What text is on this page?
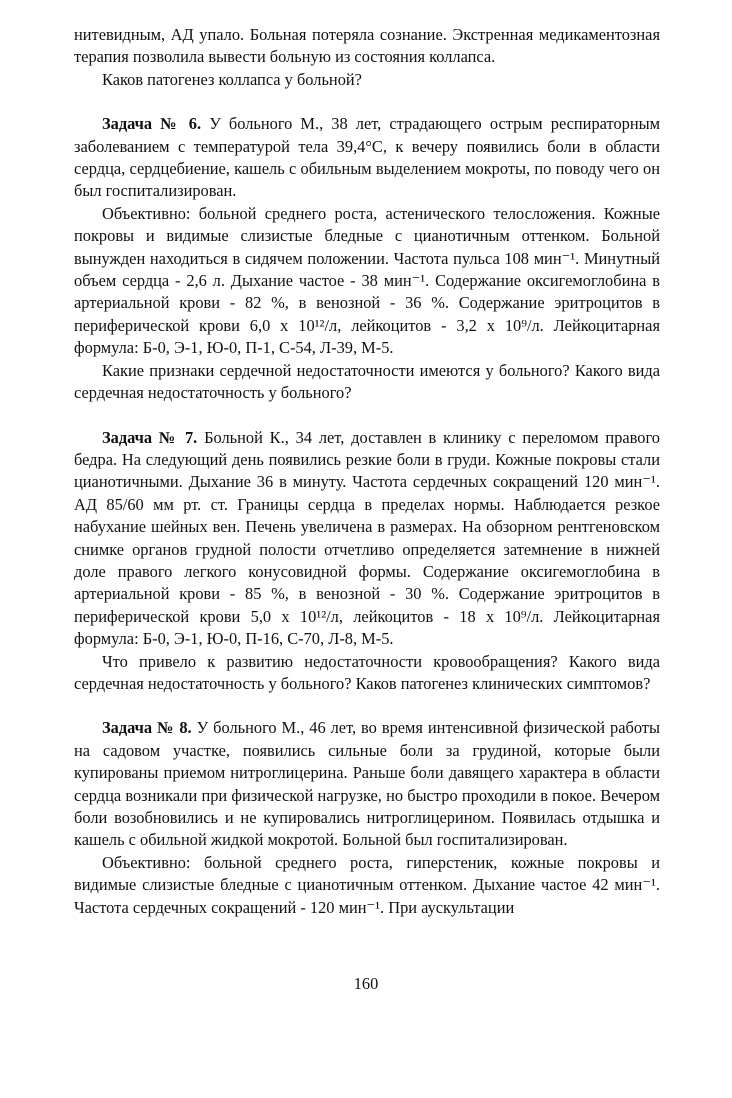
нитевидным, АД упало. Больная потеряла сознание. Экстренная медикаментозная терапия позволила вывести больную из состояния коллапса.

Каков патогенез коллапса у больной?

Задача № 6. У больного М., 38 лет, страдающего острым респираторным заболеванием с температурой тела 39,4°С, к вечеру появились боли в области сердца, сердцебиение, кашель с обильным выделением мокроты, по поводу чего он был госпитализирован.

Объективно: больной среднего роста, астенического телосложения. Кожные покровы и видимые слизистые бледные с цианотичным оттенком. Больной вынужден находиться в сидячем положении. Частота пульса 108 мин⁻¹. Минутный объем сердца - 2,6 л. Дыхание частое - 38 мин⁻¹. Содержание оксигемоглобина в артериальной крови - 82 %, в венозной - 36 %. Содержание эритроцитов в периферической крови 6,0 х 10¹²/л, лейкоцитов - 3,2 х 10⁹/л. Лейкоцитарная формула: Б-0, Э-1, Ю-0, П-1, С-54, Л-39, М-5.

Какие признаки сердечной недостаточности имеются у больного? Какого вида сердечная недостаточность у больного?

Задача № 7. Больной К., 34 лет, доставлен в клинику с переломом правого бедра. На следующий день появились резкие боли в груди. Кожные покровы стали цианотичными. Дыхание 36 в минуту. Частота сердечных сокращений 120 мин⁻¹. АД 85/60 мм рт. ст. Границы сердца в пределах нормы. Наблюдается резкое набухание шейных вен. Печень увеличена в размерах. На обзорном рентгеновском снимке органов грудной полости отчетливо определяется затемнение в нижней доле правого легкого конусовидной формы. Содержание оксигемоглобина в артериальной крови - 85 %, в венозной - 30 %. Содержание эритроцитов в периферической крови 5,0 х 10¹²/л, лейкоцитов - 18 х 10⁹/л. Лейкоцитарная формула: Б-0, Э-1, Ю-0, П-16, С-70, Л-8, М-5.

Что привело к развитию недостаточности кровообращения? Какого вида сердечная недостаточность у больного? Каков патогенез клинических симптомов?

Задача № 8. У больного М., 46 лет, во время интенсивной физической работы на садовом участке, появились сильные боли за грудиной, которые были купированы приемом нитроглицерина. Раньше боли давящего характера в области сердца возникали при физической нагрузке, но быстро проходили в покое. Вечером боли возобновились и не купировались нитроглицерином. Появилась отдышка и кашель с обильной жидкой мокротой. Больной был госпитализирован.

Объективно: больной среднего роста, гиперстеник, кожные покровы и видимые слизистые бледные с цианотичным оттенком. Дыхание частое 42 мин⁻¹. Частота сердечных сокращений - 120 мин⁻¹. При аускультации

160
